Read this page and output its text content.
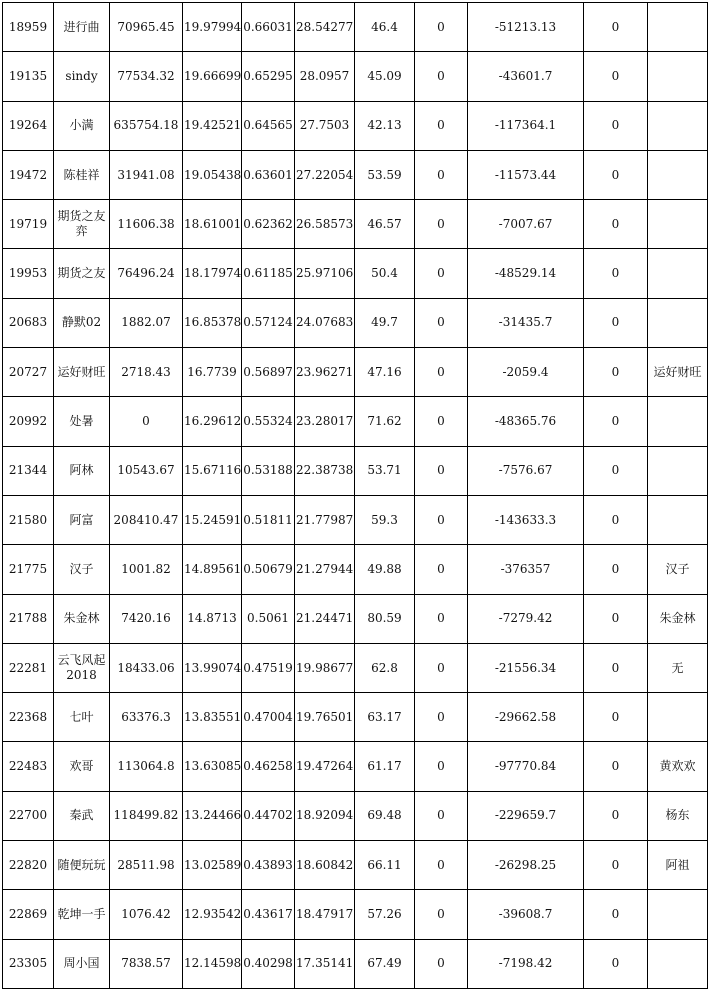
18959	进行曲	70965.45	19.97994	0.66031	28.54277	46.4	0	-51213.13	0	
19135	sindy	77534.32	19.66699	0.65295	28.0957	45.09	0	-43601.7	0	
19264	小满	635754.18	19.42521	0.64565	27.7503	42.13	0	-117364.1	0	
19472	陈桂祥	31941.08	19.05438	0.63601	27.22054	53.59	0	-11573.44	0	
19719	期货之友弈	11606.38	18.61001	0.62362	26.58573	46.57	0	-7007.67	0	
19953	期货之友	76496.24	18.17974	0.61185	25.97106	50.4	0	-48529.14	0	
20683	静默02	1882.07	16.85378	0.57124	24.07683	49.7	0	-31435.7	0	
20727	运好财旺	2718.43	16.7739	0.56897	23.96271	47.16	0	-2059.4	0	运好财旺
20992	处暑	0	16.29612	0.55324	23.28017	71.62	0	-48365.76	0	
21344	阿林	10543.67	15.67116	0.53188	22.38738	53.71	0	-7576.67	0	
21580	阿富	208410.47	15.24591	0.51811	21.77987	59.3	0	-143633.3	0	
21775	汉子	1001.82	14.89561	0.50679	21.27944	49.88	0	-376357	0	汉子
21788	朱金林	7420.16	14.8713	0.5061	21.24471	80.59	0	-7279.42	0	朱金林
22281	云飞风起2018	18433.06	13.99074	0.47519	19.98677	62.8	0	-21556.34	0	无
22368	七叶	63376.3	13.83551	0.47004	19.76501	63.17	0	-29662.58	0	
22483	欢哥	113064.8	13.63085	0.46258	19.47264	61.17	0	-97770.84	0	黄欢欢
22700	秦武	118499.82	13.24466	0.44702	18.92094	69.48	0	-229659.7	0	杨东
22820	随便玩玩	28511.98	13.02589	0.43893	18.60842	66.11	0	-26298.25	0	阿祖
22869	乾坤一手	1076.42	12.93542	0.43617	18.47917	57.26	0	-39608.7	0	
23305	周小国	7838.57	12.14598	0.40298	17.35141	67.49	0	-7198.42	0	
